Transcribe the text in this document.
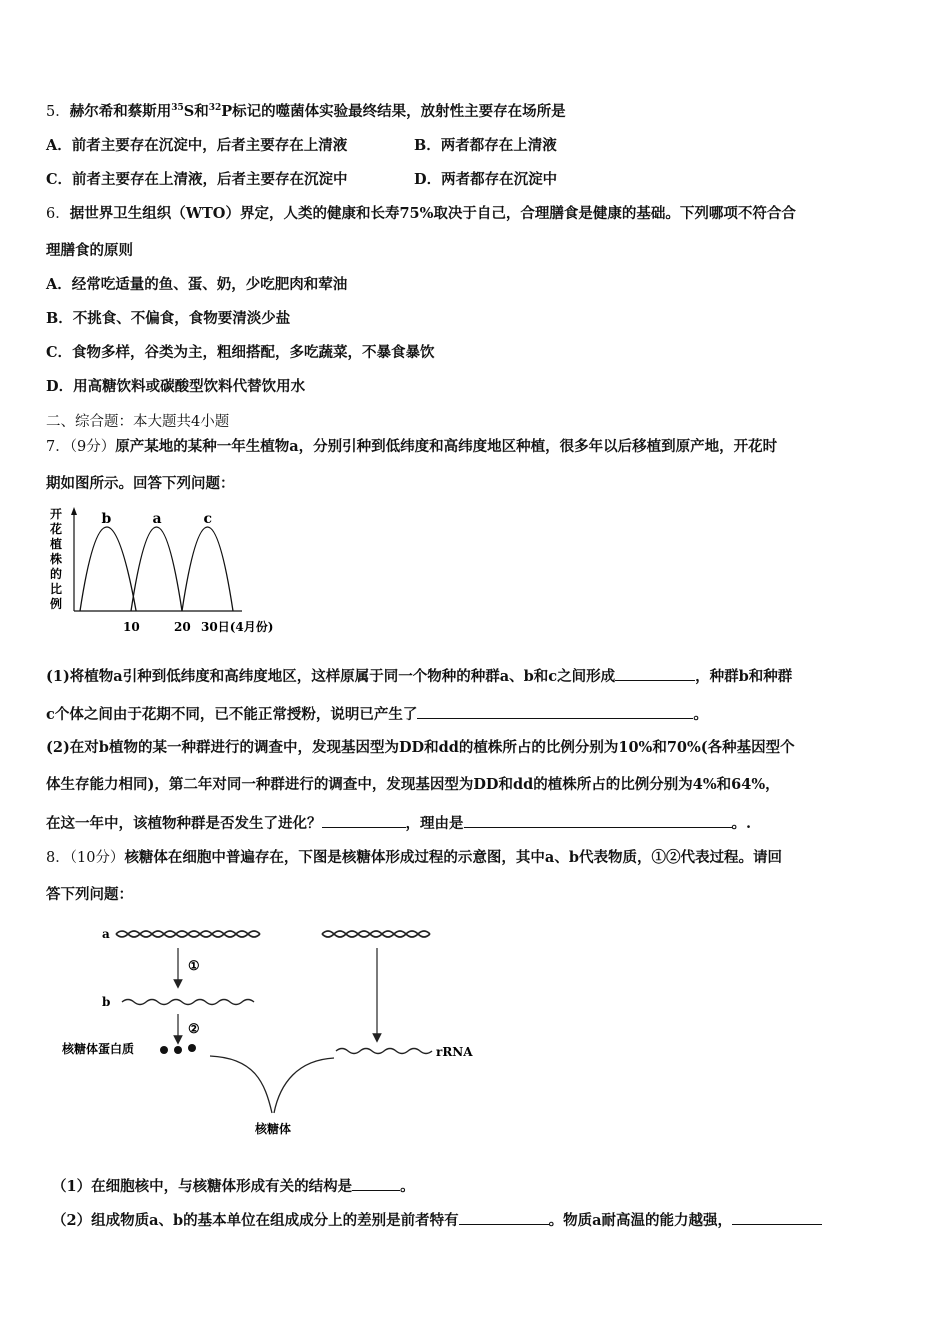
5．赫尔希和蔡斯用$^{35}$S和$^{32}$P标记的噬菌体实验最终结果，放射性主要存在场所是
A．前者主要存在沉淀中，后者主要存在上清液	B．两者都存在上清液
C．前者主要存在上清液，后者主要存在沉淀中	D．两者都存在沉淀中
6．据世界卫生组织（WTO）界定，人类的健康和长寿75%取决于自己，合理膳食是健康的基础。下列哪项不符合合
理膳食的原则
A．经常吃适量的鱼、蛋、奶，少吃肥肉和荤油
B．不挑食、不偏食，食物要清淡少盐
C．食物多样，谷类为主，粗细搭配，多吃蔬菜，不暴食暴饮
D．用高糖饮料或碳酸型饮料代替饮用水
二、综合题：本大题共4小题
7．（9分）原产某地的某种一年生植物a，分别引种到低纬度和高纬度地区种植，很多年以后移植到原产地，开花时
期如图所示。回答下列问题：
开花植株的比例
b	a	c
10	20 30日(4月份)
(1)将植物a引种到低纬度和高纬度地区，这样原属于同一个物种的种群a、b和c之间形成	，种群b和种群
c个体之间由于花期不同，已不能正常授粉，说明已产生了	。
(2)在对b植物的某一种群进行的调查中，发现基因型为DD和dd的植株所占的比例分别为10%和70%(各种基因型个
体生存能力相同)，第二年对同一种群进行的调查中，发现基因型为DD和dd的植株所占的比例分别为4%和64%，
在这一年中，该植物种群是否发生了进化？	，理由是	。.
8．（10分）核糖体在细胞中普遍存在，下图是核糖体形成过程的示意图，其中a、b代表物质，①②代表过程。请回
答下列问题：
a
①
b
②
核糖体蛋白质	rRNA
核糖体
（1）在细胞核中，与核糖体形成有关的结构是	。
（2）组成物质a、b的基本单位在组成成分上的差别是前者特有	。物质a耐高温的能力越强，
